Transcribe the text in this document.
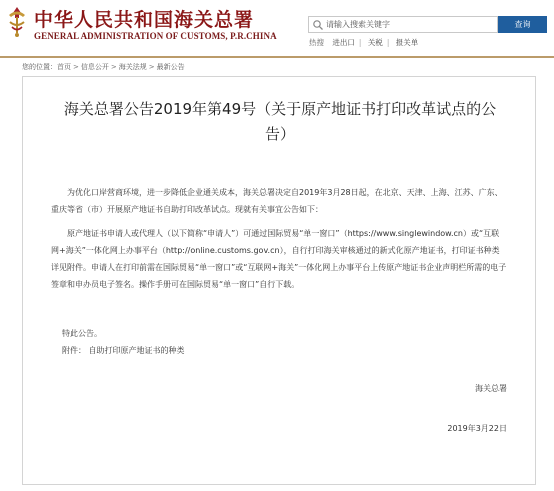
中华人民共和国海关总署
GENERAL ADMINISTRATION OF CUSTOMS, P.R.CHINA
请输入搜索关键字
查询
热搜 进出口 | 关税 | 报关单
您的位置：首页 > 信息公开 > 海关法规 > 最新公告
海关总署公告2019年第49号（关于原产地证书打印改革试点的公告）

为优化口岸营商环境，进一步降低企业通关成本，海关总署决定自2019年3月28日起，在北京、天津、上海、江苏、广东、重庆等省（市）开展原产地证书自助打印改革试点。现就有关事宜公告如下：

原产地证书申请人或代理人（以下简称“申请人”）可通过国际贸易“单一窗口”（https://www.singlewindow.cn）或“互联网+海关”一体化网上办事平台（http://online.customs.gov.cn），自行打印海关审核通过的新式化原产地证书，打印证书种类详见附件。申请人在打印前需在国际贸易“单一窗口”或“互联网+海关”一体化网上办事平台上传原产地证书企业声明栏所需的电子签章和申办员电子签名。操作手册可在国际贸易“单一窗口”自行下载。

特此公告。

附件： 自助打印原产地证书的种类

海关总署

2019年3月22日
